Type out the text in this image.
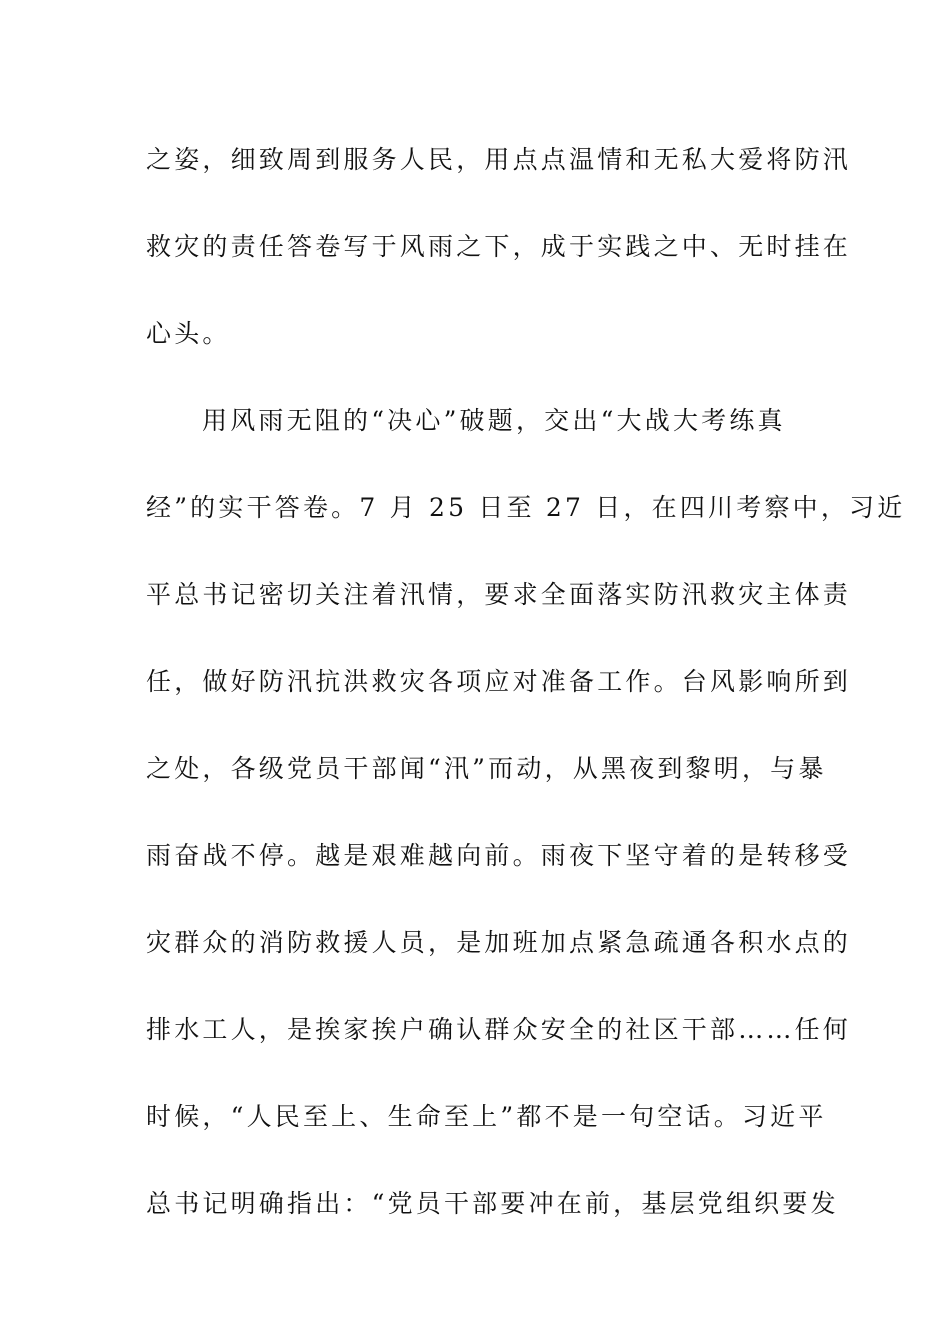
之姿，细致周到服务人民，用点点温情和无私大爱将防汛
救灾的责任答卷写于风雨之下，成于实践之中、无时挂在
心头。
用风雨无阻的“决心”破题，交出“大战大考练真
经”的实干答卷。7 月 25 日至 27 日，在四川考察中，习近
平总书记密切关注着汛情，要求全面落实防汛救灾主体责
任，做好防汛抗洪救灾各项应对准备工作。台风影响所到
之处，各级党员干部闻“汛”而动，从黑夜到黎明，与暴
雨奋战不停。越是艰难越向前。雨夜下坚守着的是转移受
灾群众的消防救援人员，是加班加点紧急疏通各积水点的
排水工人，是挨家挨户确认群众安全的社区干部……任何
时候，“人民至上、生命至上”都不是一句空话。习近平
总书记明确指出：“党员干部要冲在前，基层党组织要发
